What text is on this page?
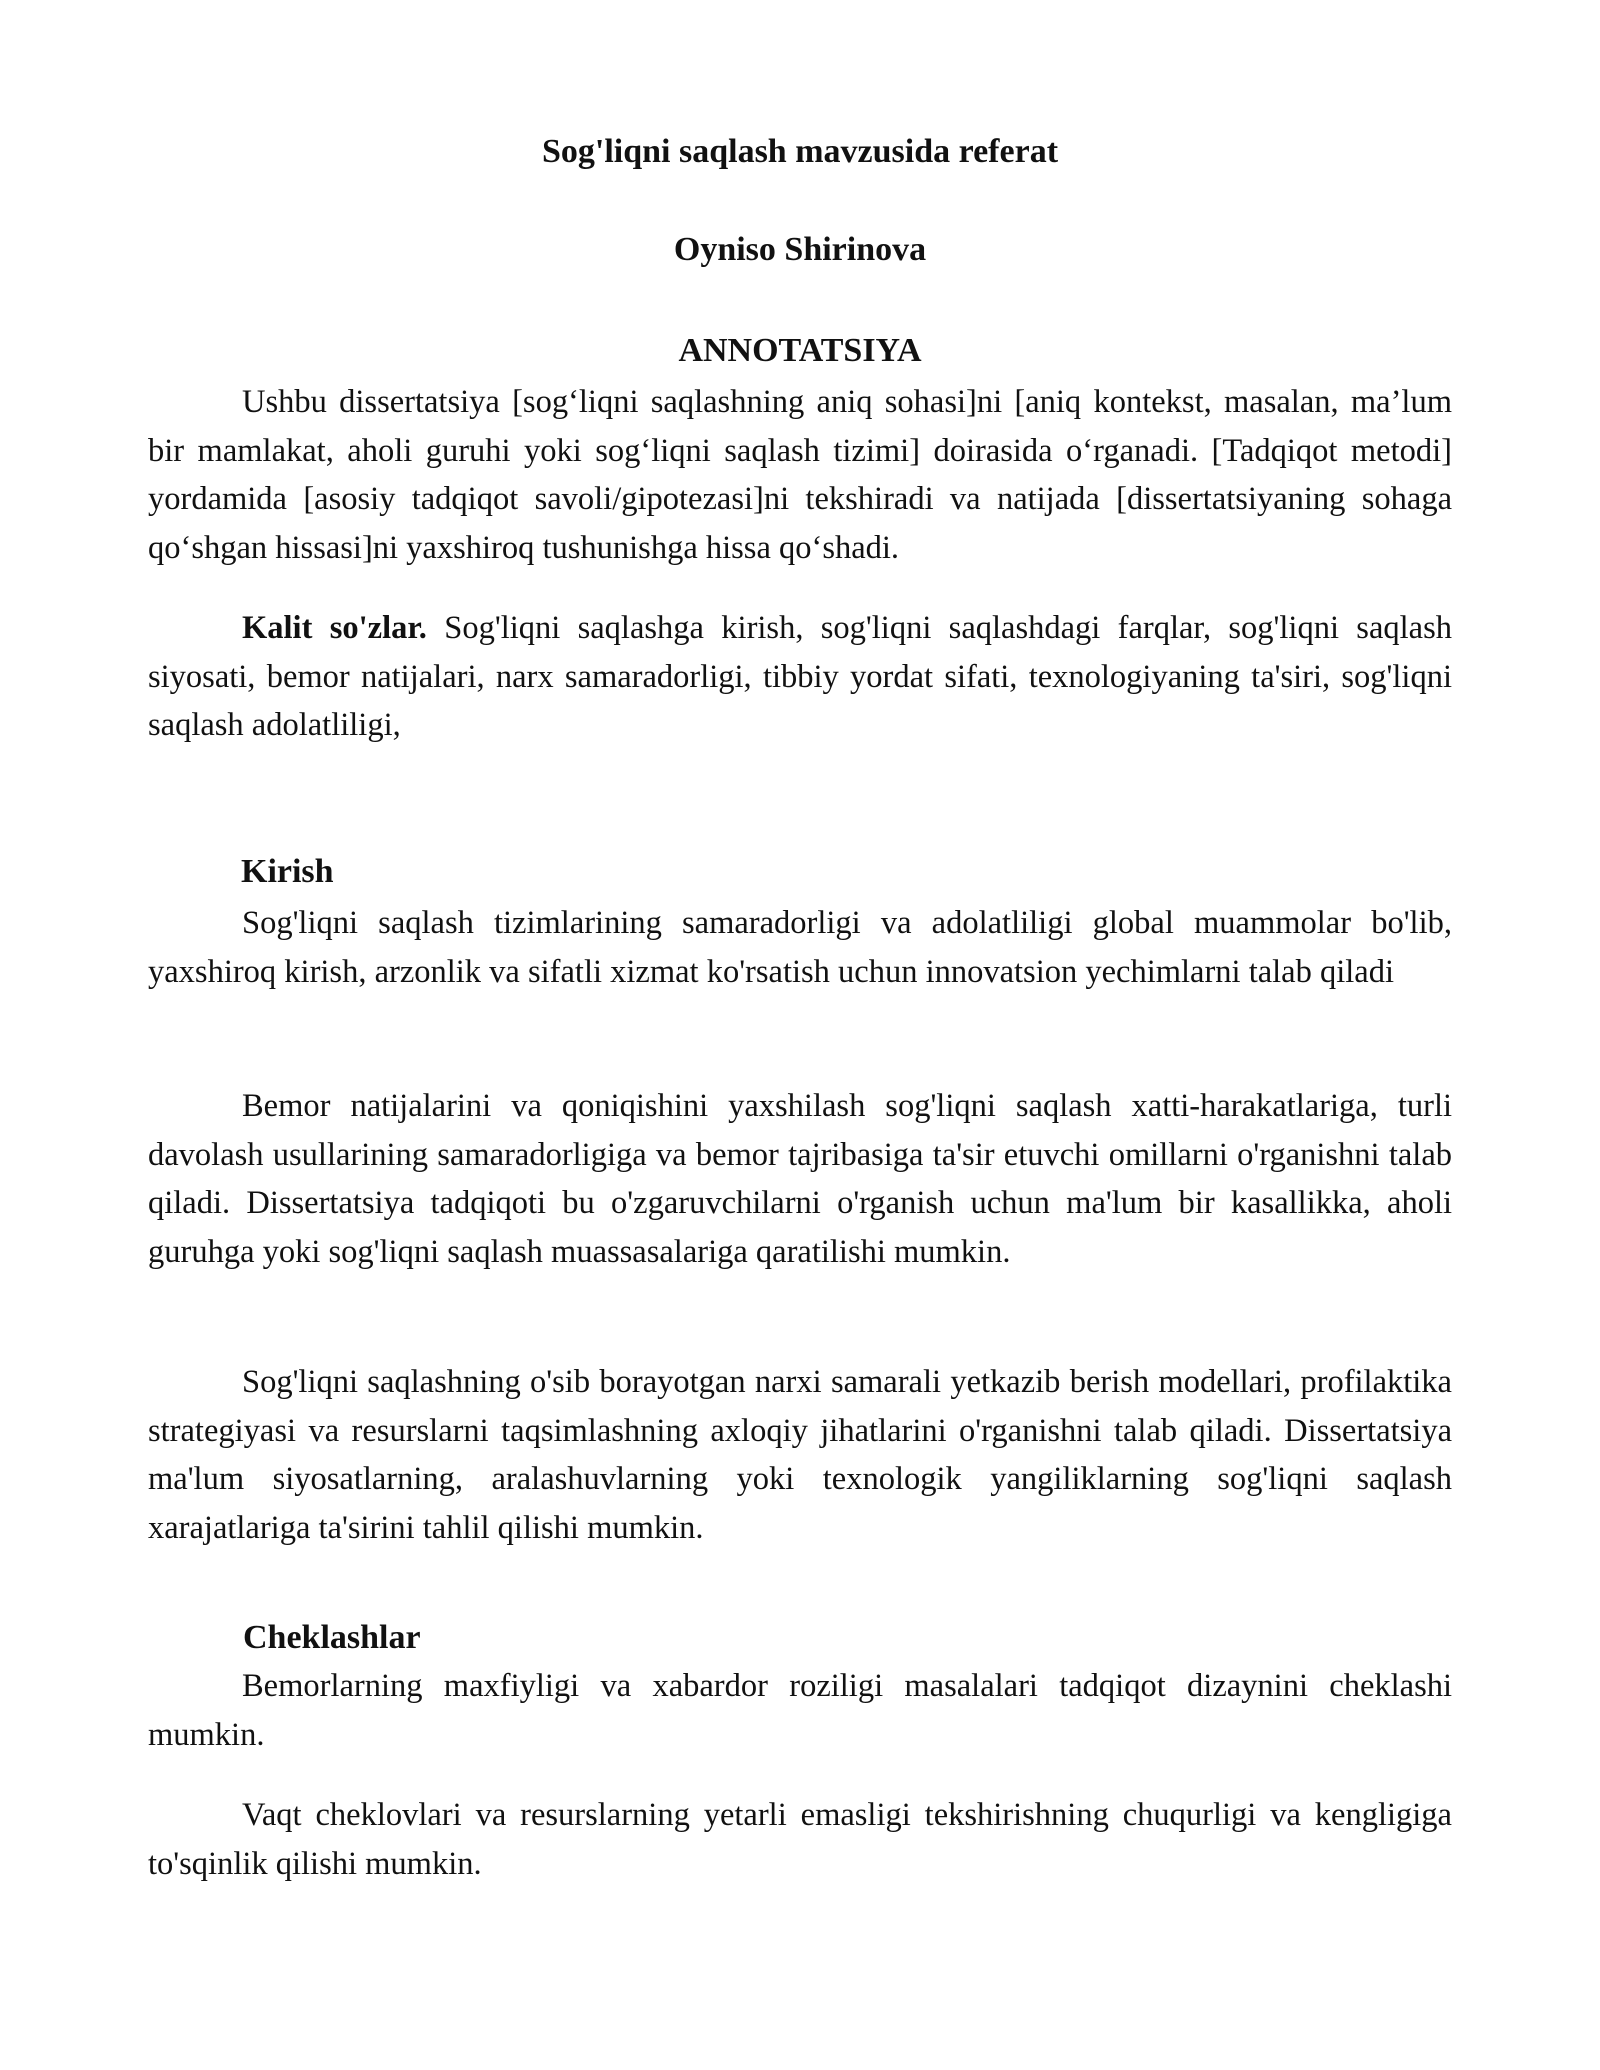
Sog'liqni saqlash mavzusida referat
Oyniso Shirinova
ANNOTATSIYA

Ushbu dissertatsiya [sog‘liqni saqlashning aniq sohasi]ni [aniq kontekst, masalan, ma’lum bir mamlakat, aholi guruhi yoki sog‘liqni saqlash tizimi] doirasida o‘rganadi. [Tadqiqot metodi] yordamida [asosiy tadqiqot savoli/gipotezasi]ni tekshiradi va natijada [dissertatsiyaning sohaga qo‘shgan hissasi]ni yaxshiroq tushunishga hissa qo‘shadi.

Kalit so'zlar. Sog'liqni saqlashga kirish, sog'liqni saqlashdagi farqlar, sog'liqni saqlash siyosati, bemor natijalari, narx samaradorligi, tibbiy yordat sifati, texnologiyaning ta'siri, sog'liqni saqlash adolatliligi,

Kirish

Sog'liqni saqlash tizimlarining samaradorligi va adolatliligi global muammolar bo'lib, yaxshiroq kirish, arzonlik va sifatli xizmat ko'rsatish uchun innovatsion yechimlarni talab qiladi

Bemor natijalarini va qoniqishini yaxshilash sog'liqni saqlash xatti-harakatlariga, turli davolash usullarining samaradorligiga va bemor tajribasiga ta'sir etuvchi omillarni o'rganishni talab qiladi. Dissertatsiya tadqiqoti bu o'zgaruvchilarni o'rganish uchun ma'lum bir kasallikka, aholi guruhga yoki sog'liqni saqlash muassasalariga qaratilishi mumkin.

Sog'liqni saqlashning o'sib borayotgan narxi samarali yetkazib berish modellari, profilaktika strategiyasi va resurslarni taqsimlashning axloqiy jihatlarini o'rganishni talab qiladi. Dissertatsiya ma'lum siyosatlarning, aralashuvlarning yoki texnologik yangiliklarning sog'liqni saqlash xarajatlariga ta'sirini tahlil qilishi mumkin.

Cheklashlar

Bemorlarning maxfiyligi va xabardor roziligi masalalari tadqiqot dizaynini cheklashi mumkin.

Vaqt cheklovlari va resurslarning yetarli emasligi tekshirishning chuqurligi va kengligiga to'sqinlik qilishi mumkin.
